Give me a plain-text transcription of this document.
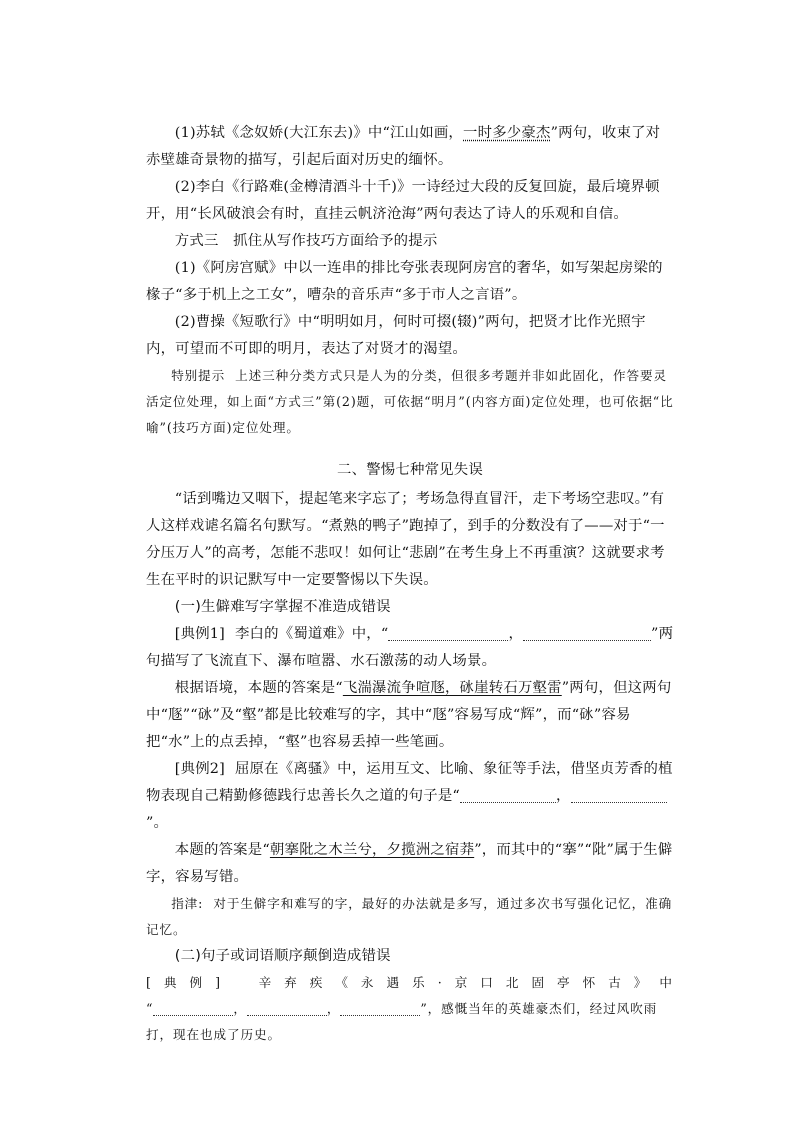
(1)苏轼《念奴娇(大江东去)》中“江山如画，一时多少豪杰”两句，收束了对赤壁雄奇景物的描写，引起后面对历史的缅怀。

(2)李白《行路难(金樽清酒斗十千)》一诗经过大段的反复回旋，最后境界顿开，用“长风破浪会有时，直挂云帆济沧海”两句表达了诗人的乐观和自信。

方式三　抓住从写作技巧方面给予的提示

(1)《阿房宫赋》中以一连串的排比夸张表现阿房宫的奢华，如写架起房梁的椽子“多于机上之工女”，嘈杂的音乐声“多于市人之言语”。

(2)曹操《短歌行》中“明明如月，何时可掇(辍)”两句，把贤才比作光照宇内，可望而不可即的明月，表达了对贤才的渴望。

特别提示 上述三种分类方式只是人为的分类，但很多考题并非如此固化，作答要灵活定位处理，如上面“方式三”第(2)题，可依据“明月”(内容方面)定位处理，也可依据“比喻”(技巧方面)定位处理。

二、警惕七种常见失误

“话到嘴边又咽下，提起笔来字忘了；考场急得直冒汗，走下考场空悲叹。”有人这样戏谑名篇名句默写。“煮熟的鸭子”跑掉了，到手的分数没有了——对于“一分压万人”的高考，怎能不悲叹！如何让“悲剧”在考生身上不再重演？这就要求考生在平时的识记默写中一定要警惕以下失误。

(一)生僻难写字掌握不准造成错误

[典例1] 李白的《蜀道难》中，“	，	”两句描写了飞流直下、瀑布喧嚣、水石激荡的动人场景。

根据语境，本题的答案是“飞湍瀑流争喧豗，砯崖转石万壑雷”两句，但这两句中“豗”“砯”及“壑”都是比较难写的字，其中“豗”容易写成“辉”，而“砯”容易把“水”上的点丢掉，“壑”也容易丢掉一些笔画。

[典例2] 屈原在《离骚》中，运用互文、比喻、象征等手法，借坚贞芳香的植物表现自己精勤修德践行忠善长久之道的句子是“	，”。

本题的答案是“朝搴阰之木兰兮，夕揽洲之宿莽”，而其中的“搴”“阰”属于生僻字，容易写错。

指津: 对于生僻字和难写的字，最好的办法就是多写，通过多次书写强化记忆，准确记忆。

(二)句子或词语顺序颠倒造成错误

[典例]　辛弃疾《永遇乐·京口北固亭怀古》中

“	，	，	”，感慨当年的英雄豪杰们，经过风吹雨打，现在也成了历史。
